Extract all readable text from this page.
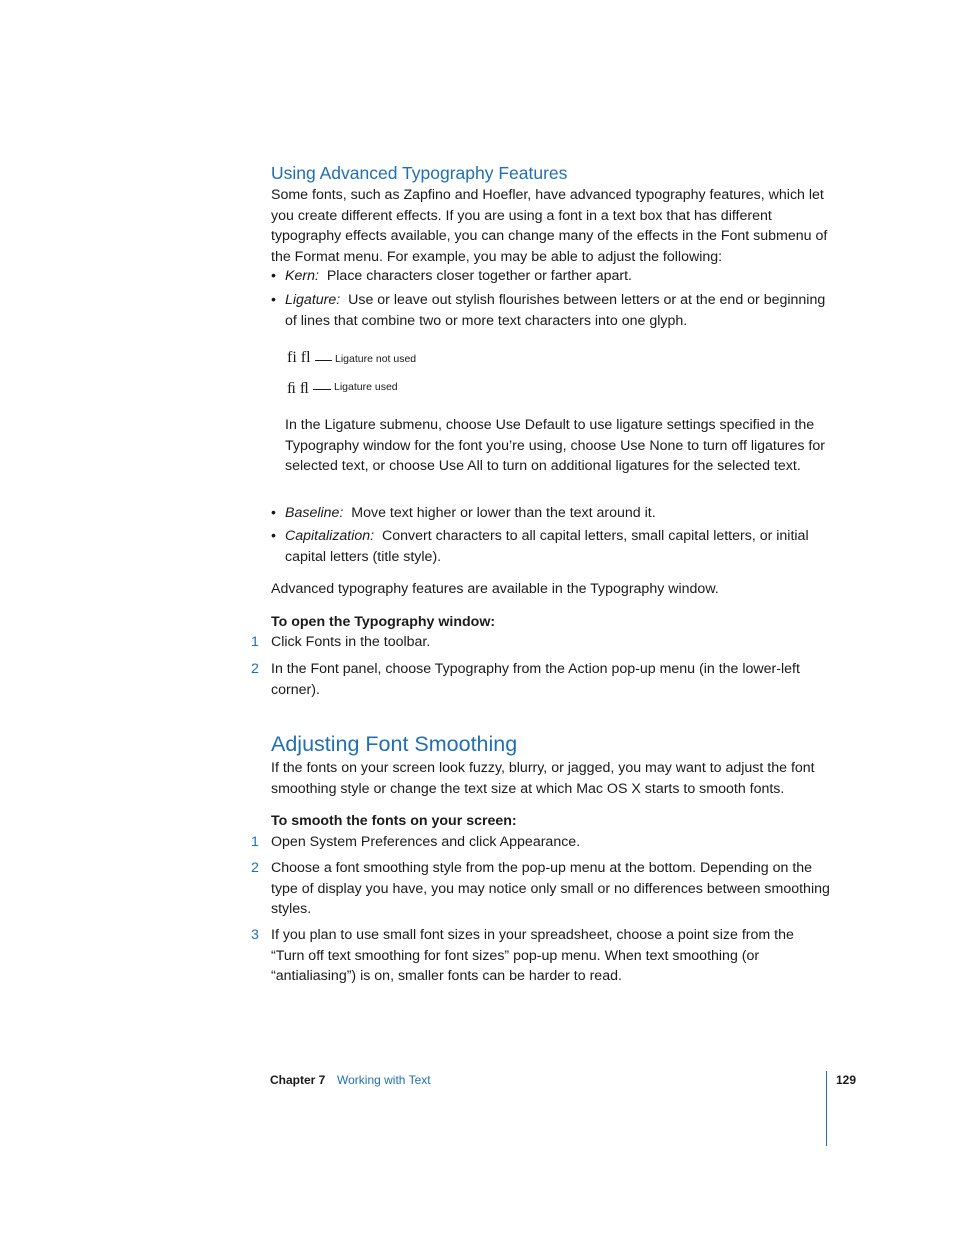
Using Advanced Typography Features

Some fonts, such as Zapfino and Hoefler, have advanced typography features, which let you create different effects. If you are using a font in a text box that has different typography effects available, you can change many of the effects in the Font submenu of the Format menu. For example, you may be able to adjust the following:

• Kern: Place characters closer together or farther apart.

• Ligature: Use or leave out stylish flourishes between letters or at the end or beginning of lines that combine two or more text characters into one glyph.

fi fl Ligature not used
ﬁ ﬂ Ligature used

In the Ligature submenu, choose Use Default to use ligature settings specified in the Typography window for the font you’re using, choose Use None to turn off ligatures for selected text, or choose Use All to turn on additional ligatures for the selected text.

• Baseline: Move text higher or lower than the text around it.

• Capitalization: Convert characters to all capital letters, small capital letters, or initial capital letters (title style).

Advanced typography features are available in the Typography window.

To open the Typography window:

1 Click Fonts in the toolbar.

2 In the Font panel, choose Typography from the Action pop-up menu (in the lower-left corner).

Adjusting Font Smoothing

If the fonts on your screen look fuzzy, blurry, or jagged, you may want to adjust the font smoothing style or change the text size at which Mac OS X starts to smooth fonts.

To smooth the fonts on your screen:

1 Open System Preferences and click Appearance.

2 Choose a font smoothing style from the pop-up menu at the bottom. Depending on the type of display you have, you may notice only small or no differences between smoothing styles.

3 If you plan to use small font sizes in your spreadsheet, choose a point size from the “Turn off text smoothing for font sizes” pop-up menu. When text smoothing (or “antialiasing”) is on, smaller fonts can be harder to read.

Chapter 7 Working with Text	129
